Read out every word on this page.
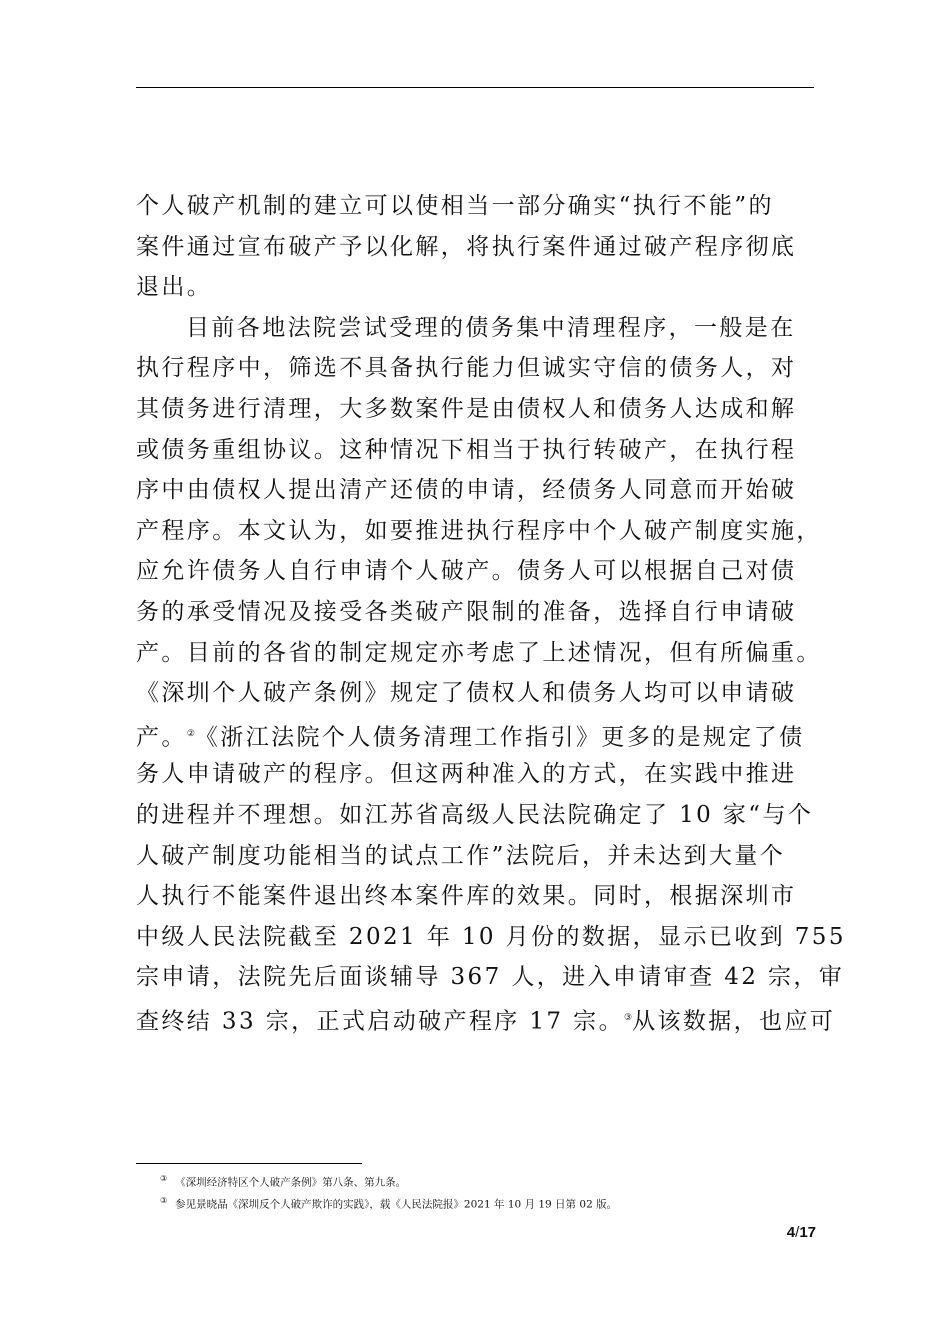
个人破产机制的建立可以使相当一部分确实“执行不能”的
案件通过宣布破产予以化解，将执行案件通过破产程序彻底
退出。
目前各地法院尝试受理的债务集中清理程序，一般是在
执行程序中，筛选不具备执行能力但诚实守信的债务人，对
其债务进行清理，大多数案件是由债权人和债务人达成和解
或债务重组协议。这种情况下相当于执行转破产，在执行程
序中由债权人提出清产还债的申请，经债务人同意而开始破
产程序。本文认为，如要推进执行程序中个人破产制度实施，
应允许债务人自行申请个人破产。债务人可以根据自己对债
务的承受情况及接受各类破产限制的准备，选择自行申请破
产。目前的各省的制定规定亦考虑了上述情况，但有所偏重。
《深圳个人破产条例》规定了债权人和债务人均可以申请破
产。②《浙江法院个人债务清理工作指引》更多的是规定了债
务人申请破产的程序。但这两种准入的方式，在实践中推进
的进程并不理想。如江苏省高级人民法院确定了 10 家“与个
人破产制度功能相当的试点工作”法院后，并未达到大量个
人执行不能案件退出终本案件库的效果。同时，根据深圳市
中级人民法院截至 2021 年 10 月份的数据，显示已收到 755
宗申请，法院先后面谈辅导 367 人，进入申请审查 42 宗，审
查终结 33 宗，正式启动破产程序 17 宗。③从该数据，也应可
③ 《深圳经济特区个人破产条例》第八条、第九条。
③ 参见景晓晶《深圳反个人破产欺诈的实践》，载《人民法院报》2021 年 10 月 19 日第 02 版。
4/17
